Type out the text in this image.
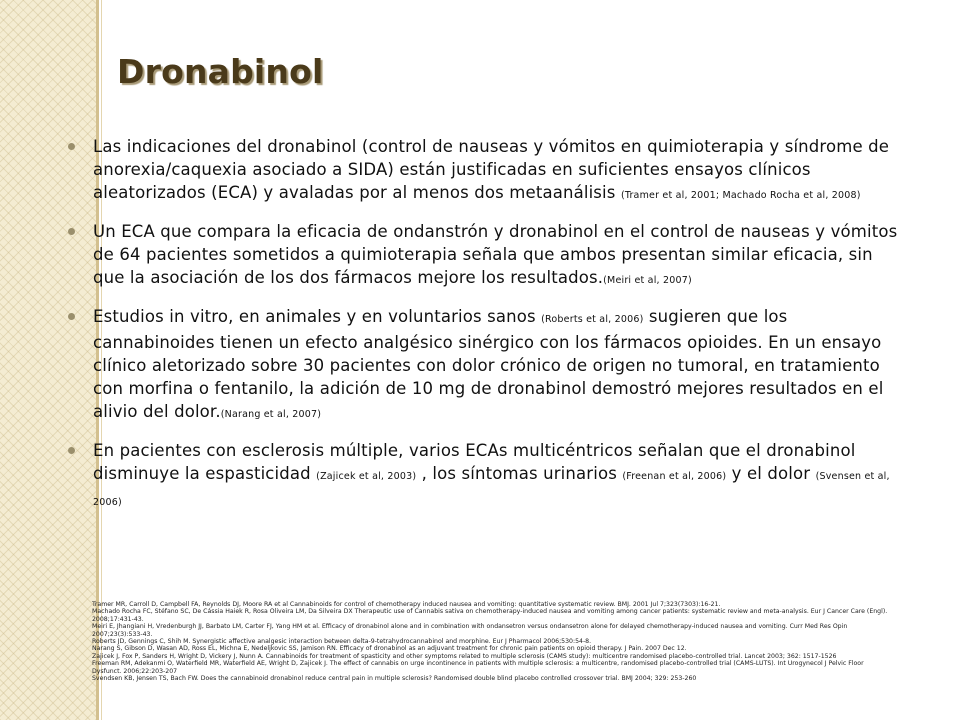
Dronabinol
Las indicaciones del dronabinol (control de nauseas y vómitos en quimioterapia y síndrome de anorexia/caquexia asociado a SIDA) están justificadas en suficientes ensayos clínicos aleatorizados (ECA) y avaladas por al menos dos metaanálisis (Tramer et al, 2001; Machado Rocha et al, 2008)
Un ECA que compara la eficacia de ondanstrón y dronabinol en el control de nauseas y vómitos de 64 pacientes sometidos a quimioterapia señala que ambos presentan similar eficacia, sin que la asociación de los dos fármacos mejore los resultados.(Meiri et al, 2007)
Estudios in vitro, en animales y en voluntarios sanos (Roberts et al, 2006) sugieren que los cannabinoides tienen un efecto analgésico sinérgico con los fármacos opioides. En un ensayo clínico aletorizado sobre 30 pacientes con dolor crónico de origen no tumoral, en tratamiento con morfina o fentanilo, la adición de 10 mg de dronabinol demostró mejores resultados en el alivio del dolor.(Narang et al, 2007)
En pacientes con esclerosis múltiple, varios ECAs multicéntricos señalan que el dronabinol disminuye la espasticidad (Zajicek et al, 2003) , los síntomas urinarios (Freenan et al, 2006) y el dolor (Svensen et al, 2006)

Tramer MR, Carroll D, Campbell FA, Reynolds DJ, Moore RA et al Cannabinoids for control of chemotherapy induced nausea and vomiting: quantitative systematic review. BMJ. 2001 Jul 7;323(7303):16-21.

Machado Rocha FC, Stéfano SC, De Cássia Haiek R, Rosa Oliveira LM, Da Silveira DX Therapeutic use of Cannabis sativa on chemotherapy-induced nausea and vomiting among cancer patients: systematic review and meta-analysis. Eur J Cancer Care (Engl). 2008;17:431-43.

Meiri E, Jhangiani H, Vredenburgh JJ, Barbato LM, Carter FJ, Yang HM et al. Efficacy of dronabinol alone and in combination with ondansetron versus ondansetron alone for delayed chemotherapy-induced nausea and vomiting. Curr Med Res Opin 2007;23(3):533-43.

Roberts JD, Gennings C, Shih M. Synergistic affective analgesic interaction between delta-9-tetrahydrocannabinol and morphine. Eur J Pharmacol 2006;530:54-8.

Narang S, Gibson D, Wasan AD, Ross EL, Michna E, Nedeljkovic SS, Jamison RN. Efficacy of dronabinol as an adjuvant treatment for chronic pain patients on opioid therapy. J Pain. 2007 Dec 12.

Zajicek J, Fox P, Sanders H, Wright D, Vickery J, Nunn A. Cannabinoids for treatment of spasticity and other symptoms related to multiple sclerosis (CAMS study): multicentre randomised placebo-controlled trial. Lancet 2003; 362: 1517-1526

Freeman RM, Adekanmi O, Waterfield MR, Waterfield AE, Wright D, Zajicek J. The effect of cannabis on urge incontinence in patients with multiple sclerosis: a multicentre, randomised placebo-controlled trial (CAMS-LUTS). Int Urogynecol J Pelvic Floor Dysfunct. 2006;22:203-207

Svendsen KB, Jensen TS, Bach FW. Does the cannabinoid dronabinol reduce central pain in multiple sclerosis? Randomised double blind placebo controlled crossover trial. BMJ 2004; 329: 253-260
